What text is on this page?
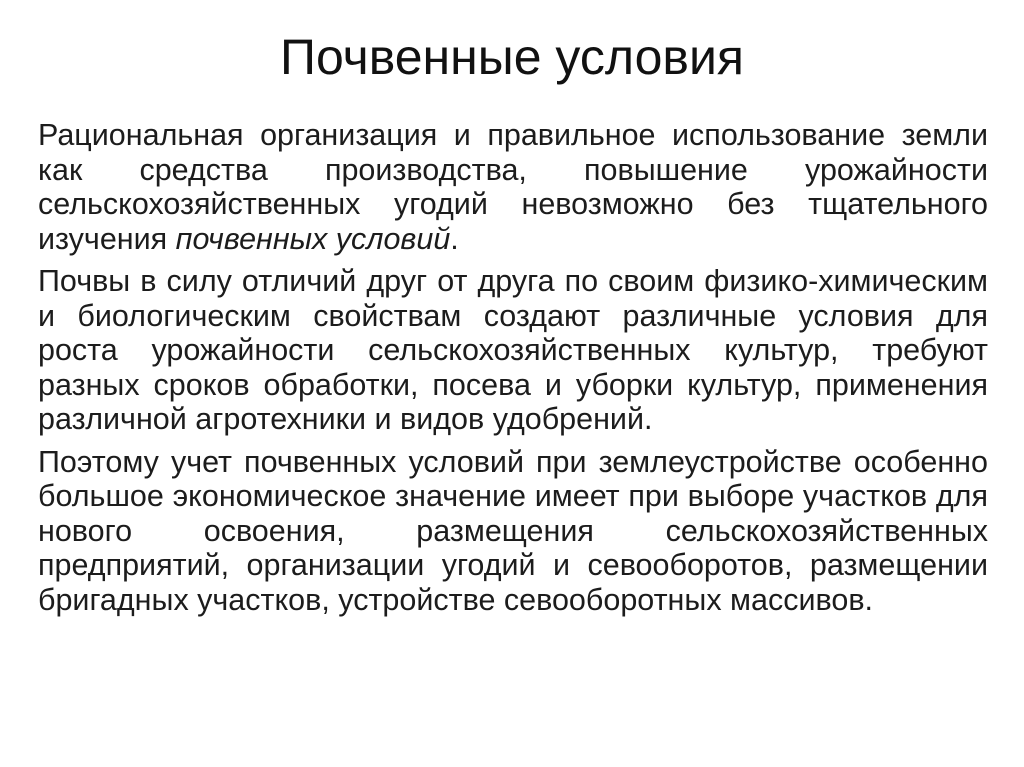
Почвенные условия

Рациональная организация и правильное использование земли как средства производства, повышение урожайности сельскохозяйственных угодий невозможно без тщательного изучения почвенных условий.

Почвы в силу отличий друг от друга по своим физико-химическим и биологическим свойствам создают различные условия для роста урожайности сельскохозяйственных культур, требуют разных сроков обработки, посева и уборки культур, применения различной агротехники и видов удобрений.

Поэтому учет почвенных условий при землеустройстве особенно большое экономическое значение имеет при выборе участков для нового освоения, размещения сельскохозяйственных предприятий, организации угодий и севооборотов, размещении бригадных участков, устройстве севооборотных массивов.
